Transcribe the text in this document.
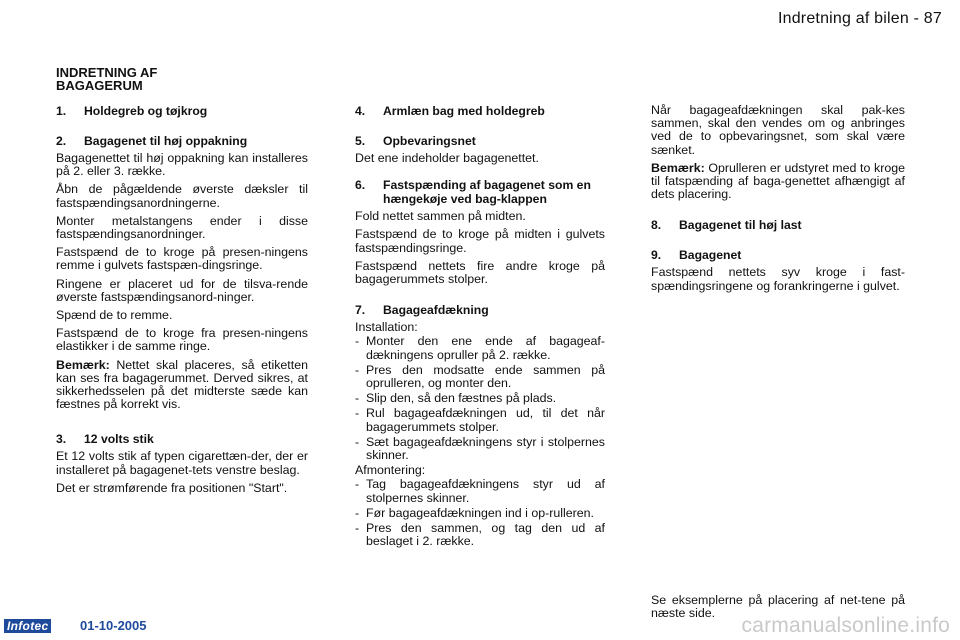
Indretning af bilen - 87
INDRETNING AF
BAGAGERUM
1.	Holdegreb og tøjkrog
2.	Bagagenet til høj oppakning

Bagagenettet til høj oppakning kan installeres på 2. eller 3. række.

Åbn de pågældende øverste dæksler til fastspændingsanordningerne.

Monter metalstangens ender i disse fastspændingsanordninger.

Fastspænd de to kroge på presen-ningens remme i gulvets fastspæn-dingsringe.

Ringene er placeret ud for de tilsva-rende øverste fastspændingsanord-ninger.

Spænd de to remme.

Fastspænd de to kroge fra presen-ningens elastikker i de samme ringe.

Bemærk: Nettet skal placeres, så etiketten kan ses fra bagagerummet. Derved sikres, at sikkerhedsselen på det midterste sæde kan fæstnes på korrekt vis.

3.	12 volts stik

Et 12 volts stik af typen cigarettæn-der, der er installeret på bagagenet-tets venstre beslag.

Det er strømførende fra positionen "Start".

4.	Armlæn bag med holdegreb
5.	Opbevaringsnet

Det ene indeholder bagagenettet.

6.	Fastspænding af bagagenet som en hængekøje ved bag-klappen

Fold nettet sammen på midten.

Fastspænd de to kroge på midten i gulvets fastspændingsringe.

Fastspænd nettets fire andre kroge på bagagerummets stolper.

7.	Bagageafdækning

Installation:

- Monter den ene ende af bagageaf-dækningens opruller på 2. række.
- Pres den modsatte ende sammen på oprulleren, og monter den.
- Slip den, så den fæstnes på plads.
- Rul bagageafdækningen ud, til det når bagagerummets stolper.
- Sæt bagageafdækningens styr i stolpernes skinner.

Afmontering:

- Tag bagageafdækningens styr ud af stolpernes skinner.
- Før bagageafdækningen ind i op-rulleren.
- Pres den sammen, og tag den ud af beslaget i 2. række.

Når bagageafdækningen skal pak-kes sammen, skal den vendes om og anbringes ved de to opbevaringsnet, som skal være sænket.

Bemærk: Oprulleren er udstyret med to kroge til fatspænding af baga-genettet afhængigt af dets placering.

8.	Bagagenet til høj last
9.	Bagagenet

Fastspænd nettets syv kroge i fast-spændingsringene og forankringerne i gulvet.

Se eksemplerne på placering af net-tene på næste side.

Infotec 01-10-2005	carmanualsonline.info
